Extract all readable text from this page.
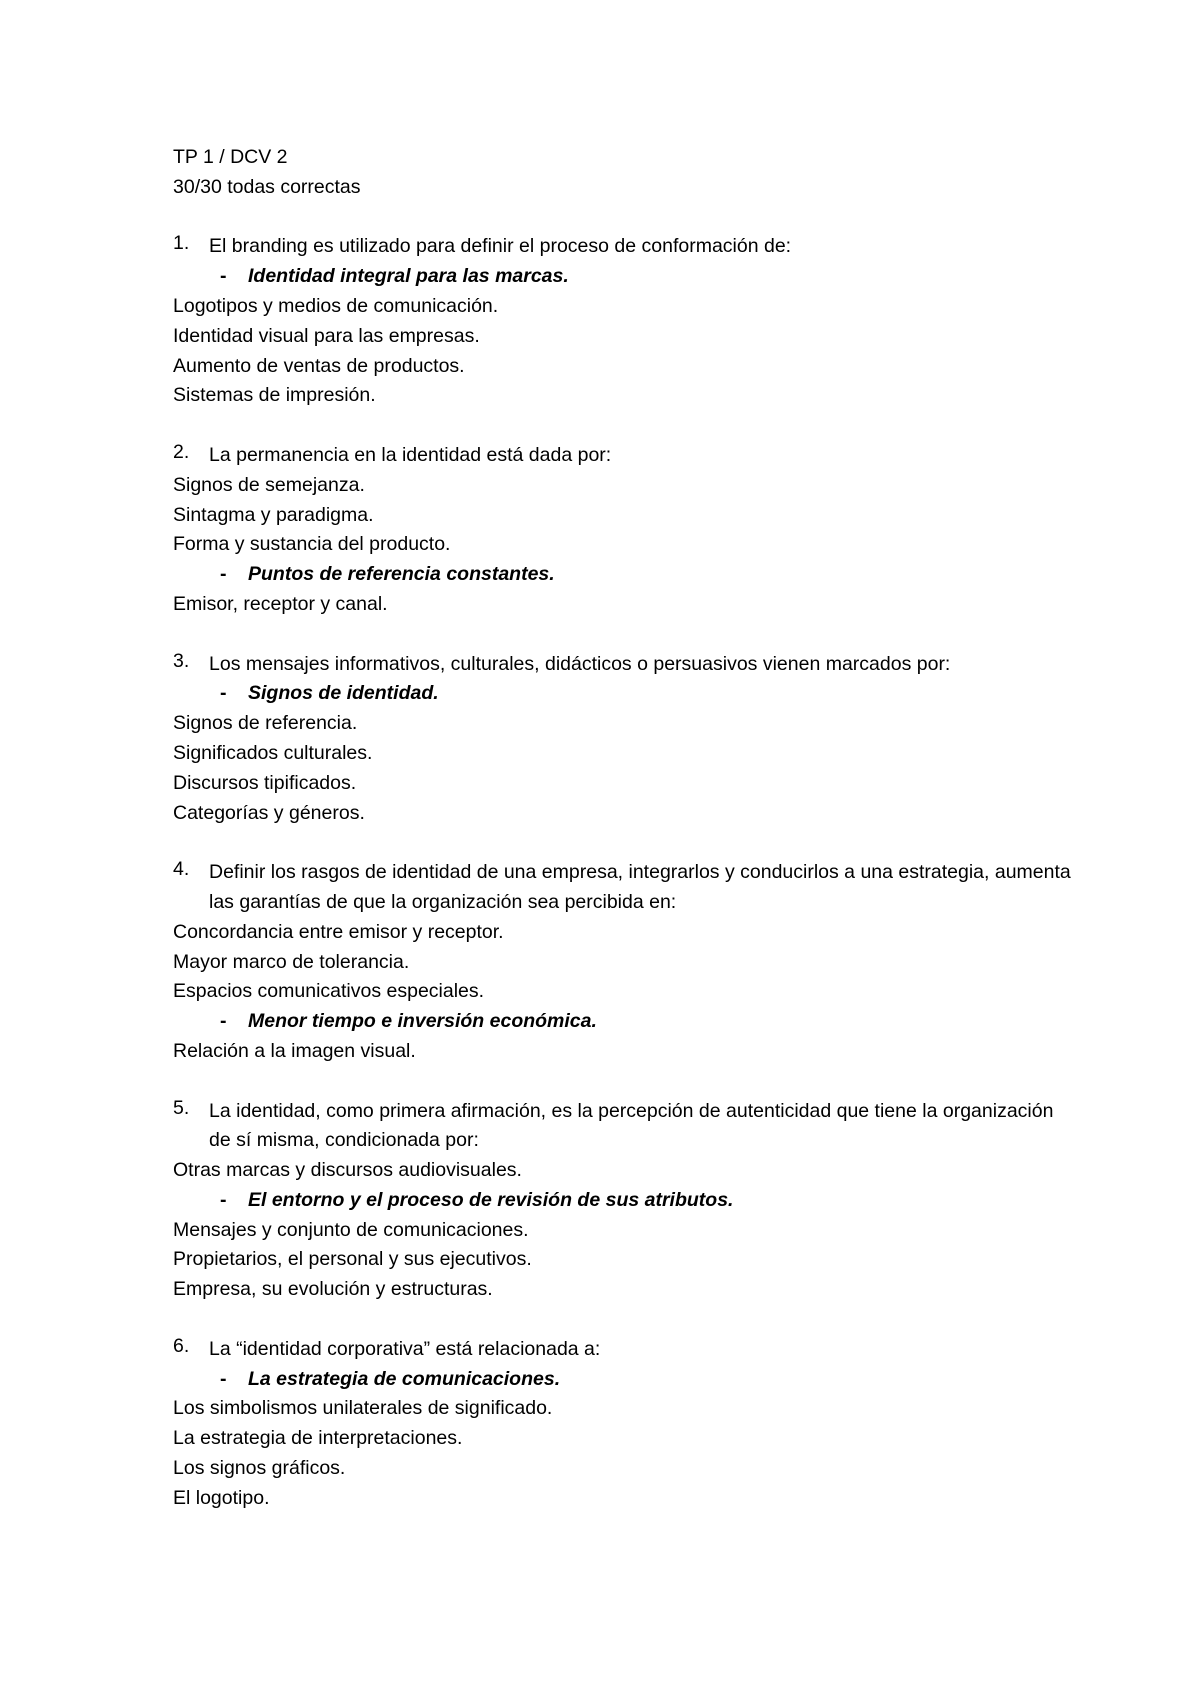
TP 1 / DCV 2
30/30 todas correctas
1.	El branding es utilizado para definir el proceso de conformación de:
- Identidad integral para las marcas.
Logotipos y medios de comunicación.
Identidad visual para las empresas.
Aumento de ventas de productos.
Sistemas de impresión.
2.	La permanencia en la identidad está dada por:
Signos de semejanza.
Sintagma y paradigma.
Forma y sustancia del producto.
- Puntos de referencia constantes.
Emisor, receptor y canal.
3.	Los mensajes informativos, culturales, didácticos o persuasivos vienen marcados por:
- Signos de identidad.
Signos de referencia.
Significados culturales.
Discursos tipificados.
Categorías y géneros.
4.	Definir los rasgos de identidad de una empresa, integrarlos y conducirlos a una estrategia, aumenta las garantías de que la organización sea percibida en:
Concordancia entre emisor y receptor.
Mayor marco de tolerancia.
Espacios comunicativos especiales.
- Menor tiempo e inversión económica.
Relación a la imagen visual.
5.	La identidad, como primera afirmación, es la percepción de autenticidad que tiene la organización de sí misma, condicionada por:
Otras marcas y discursos audiovisuales.
- El entorno y el proceso de revisión de sus atributos.
Mensajes y conjunto de comunicaciones.
Propietarios, el personal y sus ejecutivos.
Empresa, su evolución y estructuras.
6.	La “identidad corporativa” está relacionada a:
- La estrategia de comunicaciones.
Los simbolismos unilaterales de significado.
La estrategia de interpretaciones.
Los signos gráficos.
El logotipo.
